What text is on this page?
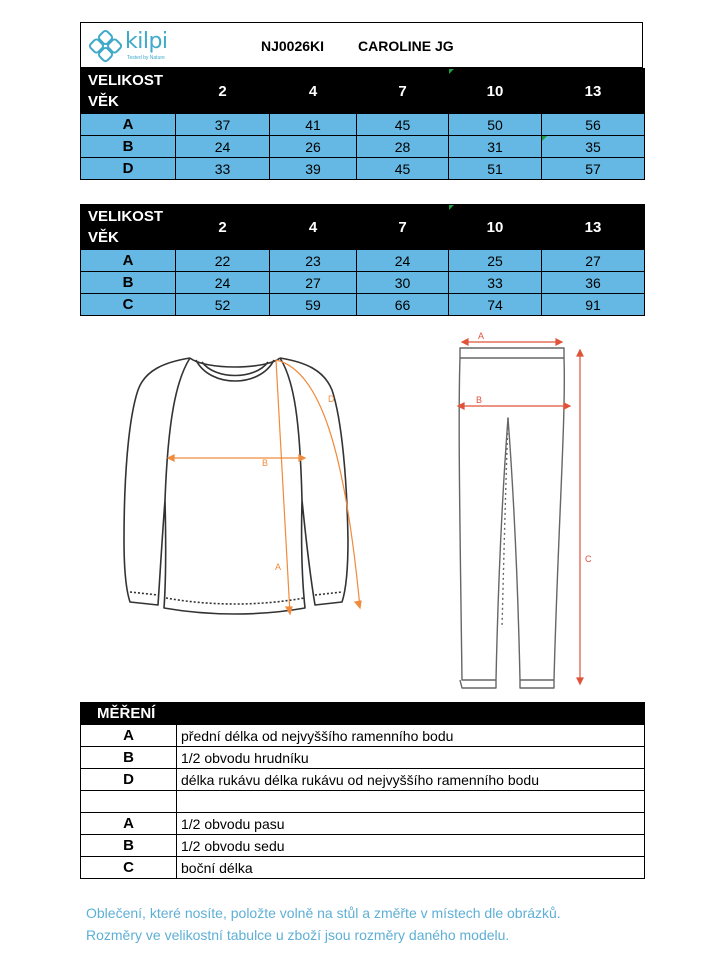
kilpi
Tested by Nature
NJ0026KI CAROLINE JG
VELIKOST
VĚK	2	4	7	10	13
A	37	41	45	50	56
B	24	26	28	31	35
D	33	39	45	51	57
VELIKOST
VĚK	2	4	7	10	13
A	22	23	24	25	27
B	24	27	30	33	36
C	52	59	66	74	91
B
A
D
A
B
C
MĚŘENÍ	
A	přední délka od nejvyššího ramenního bodu
B	1/2 obvodu hrudníku
D	délka rukávu délka rukávu od nejvyššího ramenního bodu

A	1/2 obvodu pasu
B	1/2 obvodu sedu
C	boční délka
Oblečení, které nosíte, položte volně na stůl a změřte v místech dle obrázků.
Rozměry ve velikostní tabulce u zboží jsou rozměry daného modelu.
